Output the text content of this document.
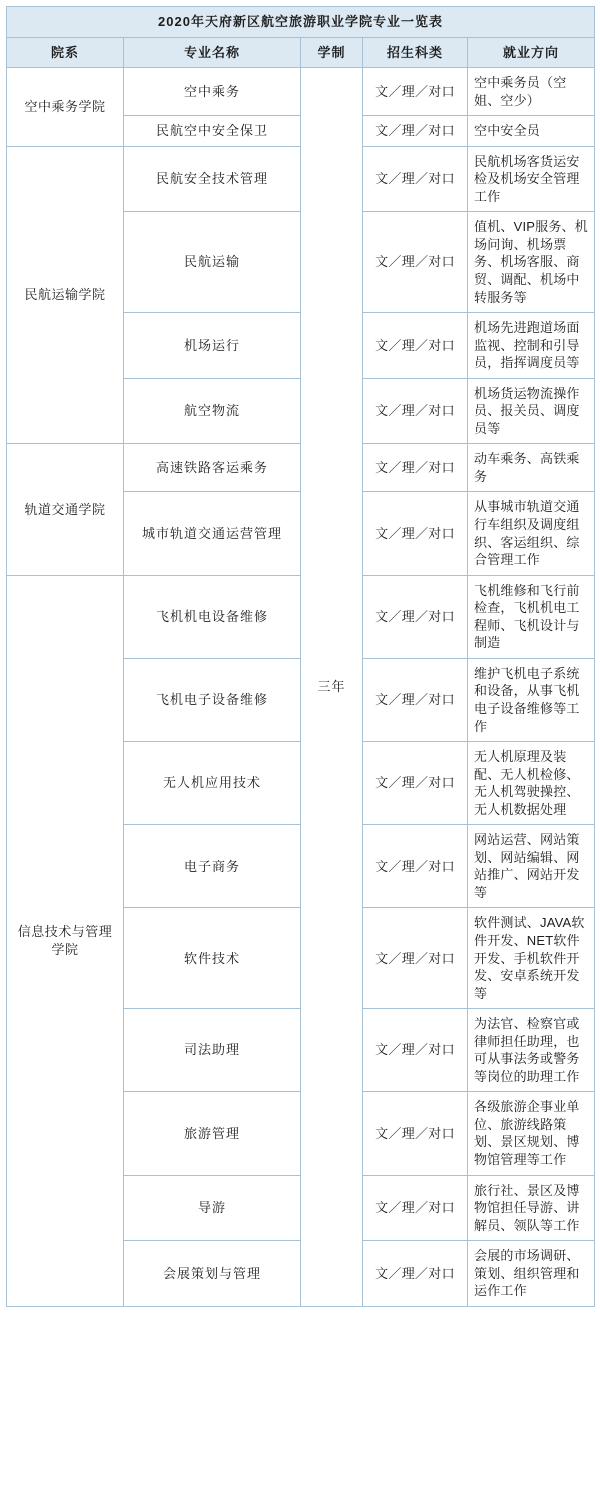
2020年天府新区航空旅游职业学院专业一览表				
院系	专业名称	学制	招生科类	就业方向
空中乘务学院	空中乘务	三年	文／理／对口	空中乘务员（空姐、空少）
	民航空中安全保卫		文／理／对口	空中安全员
民航运输学院	民航安全技术管理		文／理／对口	民航机场客货运安检及机场安全管理工作
	民航运输		文／理／对口	值机、VIP服务、机场问询、机场票务、机场客服、商贸、调配、机场中转服务等
	机场运行		文／理／对口	机场先进跑道场面监视、控制和引导员，指挥调度员等
	航空物流		文／理／对口	机场货运物流操作员、报关员、调度员等
轨道交通学院	高速铁路客运乘务		文／理／对口	动车乘务、高铁乘务
	城市轨道交通运营管理		文／理／对口	从事城市轨道交通行车组织及调度组织、客运组织、综合管理工作
信息技术与管理学院	飞机机电设备维修		文／理／对口	飞机维修和飞行前检查，飞机机电工程师、飞机设计与制造
	飞机电子设备维修		文／理／对口	维护飞机电子系统和设备，从事飞机电子设备维修等工作
	无人机应用技术		文／理／对口	无人机原理及装配、无人机检修、无人机驾驶操控、无人机数据处理
	电子商务		文／理／对口	网站运营、网站策划、网站编辑、网站推广、网站开发等
	软件技术		文／理／对口	软件测试、JAVA软件开发、NET软件开发、手机软件开发、安卓系统开发等
	司法助理		文／理／对口	为法官、检察官或律师担任助理，也可从事法务或警务等岗位的助理工作
	旅游管理		文／理／对口	各级旅游企事业单位、旅游线路策划、景区规划、博物馆管理等工作
	导游		文／理／对口	旅行社、景区及博物馆担任导游、讲解员、领队等工作
	会展策划与管理		文／理／对口	会展的市场调研、策划、组织管理和运作工作
